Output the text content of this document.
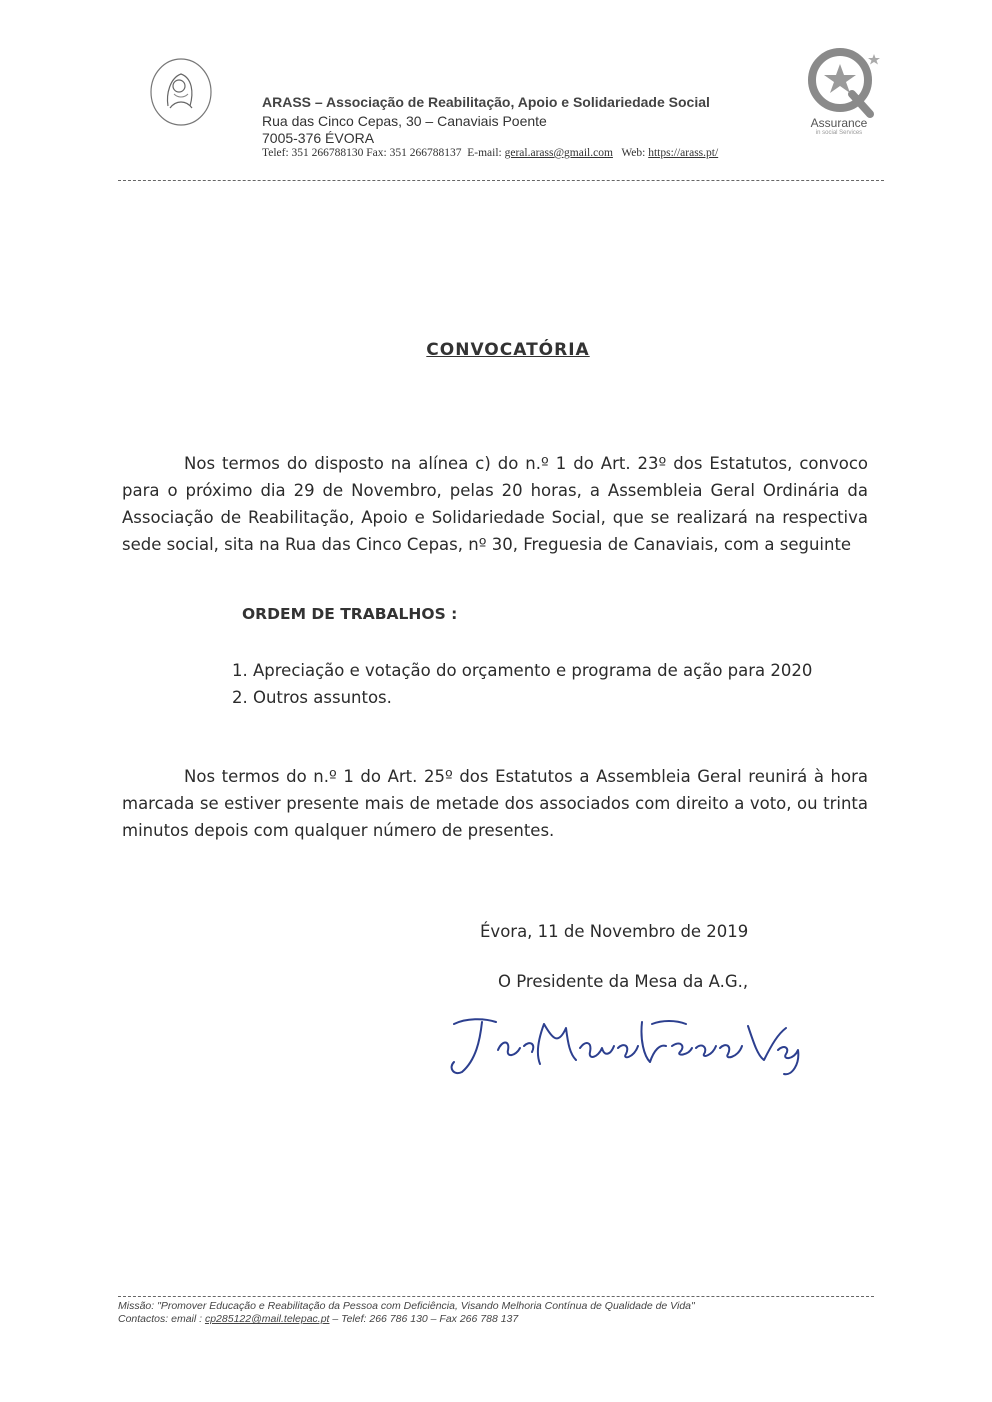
ARASS – Associação de Reabilitação, Apoio e Solidariedade Social
Rua das Cinco Cepas, 30 – Canaviais Poente
7005-376 ÉVORA
Telef: 351 266788130 Fax: 351 266788137 E-mail: geral.arass@gmail.com Web: https://arass.pt/
Assurance
in social Services
CONVOCATÓRIA
Nos termos do disposto na alínea c) do n.º 1 do Art. 23º dos Estatutos, convoco para o próximo dia 29 de Novembro, pelas 20 horas, a Assembleia Geral Ordinária da Associação de Reabilitação, Apoio e Solidariedade Social, que se realizará na respectiva sede social, sita na Rua das Cinco Cepas, nº 30, Freguesia de Canaviais, com a seguinte
ORDEM DE TRABALHOS :
1. Apreciação e votação do orçamento e programa de ação para 2020
2. Outros assuntos.
Nos termos do n.º 1 do Art. 25º dos Estatutos a Assembleia Geral reunirá à hora marcada se estiver presente mais de metade dos associados com direito a voto, ou trinta minutos depois com qualquer número de presentes.
Évora, 11 de Novembro de 2019
O Presidente da Mesa da A.G.,
Missão: "Promover Educação e Reabilitação da Pessoa com Deficiência, Visando Melhoria Contínua de Qualidade de Vida"
Contactos: email : cp285122@mail.telepac.pt – Telef: 266 786 130 – Fax 266 788 137
